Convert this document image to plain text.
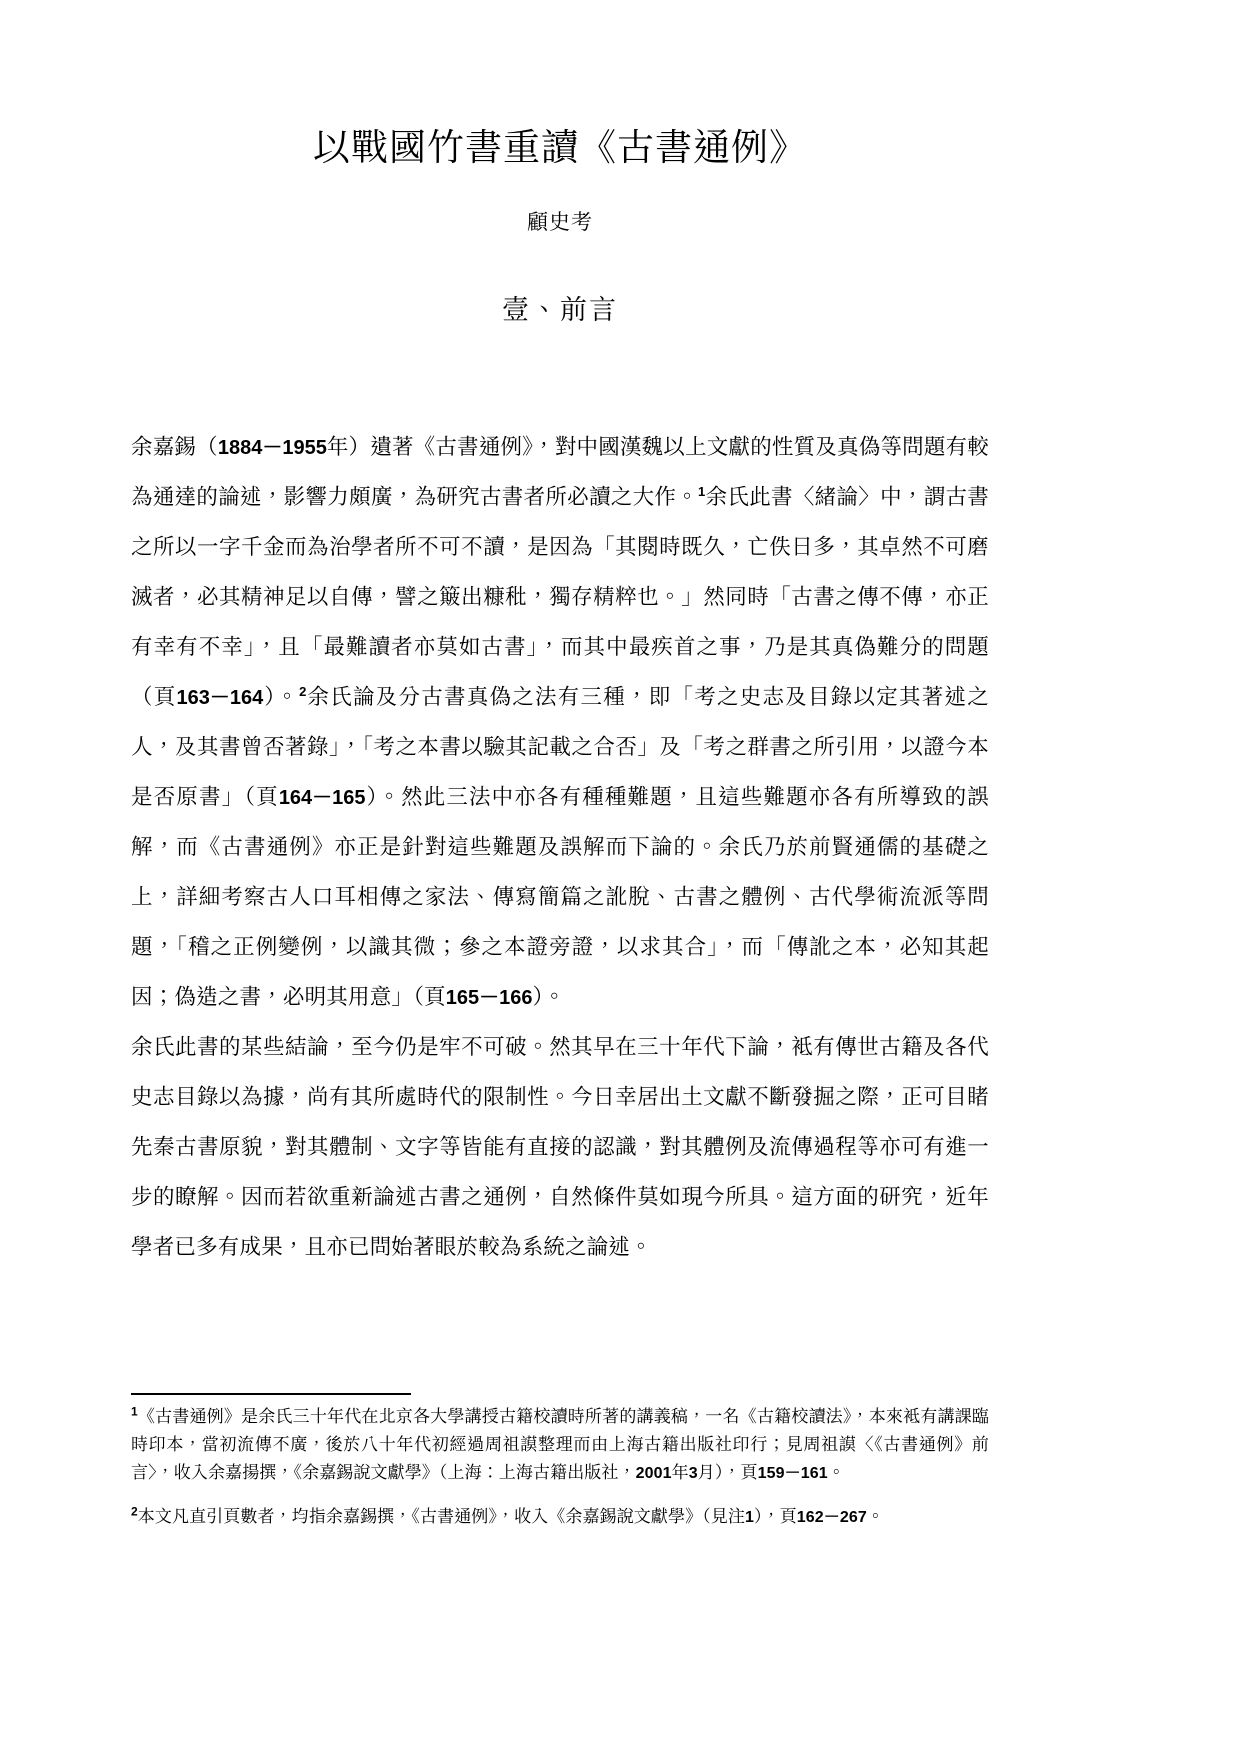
以戰國竹書重讀《古書通例》

顧史考

壹、前言

余嘉錫（1884－1955年）遺著《古書通例》，對中國漢魏以上文獻的性質及真偽等問題有較為通達的論述，影響力頗廣，為研究古書者所必讀之大作。$^1$余氏此書〈緒論〉中，謂古書之所以一字千金而為治學者所不可不讀，是因為「其閱時既久，亡佚日多，其卓然不可磨滅者，必其精神足以自傳，譬之簸出糠秕，獨存精粹也。」然同時「古書之傳不傳，亦正有幸有不幸」，且「最難讀者亦莫如古書」，而其中最疾首之事，乃是其真偽難分的問題（頁163－164）。$^2$余氏論及分古書真偽之法有三種，即「考之史志及目錄以定其著述之人，及其書曾否著錄」，「考之本書以驗其記載之合否」及「考之群書之所引用，以證今本是否原書」（頁164－165）。然此三法中亦各有種種難題，且這些難題亦各有所導致的誤解，而《古書通例》亦正是針對這些難題及誤解而下論的。余氏乃於前賢通儒的基礎之上，詳細考察古人口耳相傳之家法、傳寫簡篇之訛脫、古書之體例、古代學術流派等問題，「稽之正例變例，以識其微；參之本證旁證，以求其合」，而「傳訛之本，必知其起因；偽造之書，必明其用意」（頁165－166）。

余氏此書的某些結論，至今仍是牢不可破。然其早在三十年代下論，袛有傳世古籍及各代史志目錄以為據，尚有其所處時代的限制性。今日幸居出土文獻不斷發掘之際，正可目睹先秦古書原貌，對其體制、文字等皆能有直接的認識，對其體例及流傳過程等亦可有進一步的瞭解。因而若欲重新論述古書之通例，自然條件莫如現今所具。這方面的研究，近年學者已多有成果，且亦已問始著眼於較為系統之論述。

$^1$《古書通例》是余氏三十年代在北京各大學講授古籍校讀時所著的講義稿，一名《古籍校讀法》，本來袛有講課臨時印本，當初流傳不廣，後於八十年代初經過周祖謨整理而由上海古籍出版社印行；見周祖謨〈《古書通例》前言〉，收入余嘉揚撰，《余嘉錫說文獻學》（上海：上海古籍出版社，2001年3月），頁159－161。

$^2$本文凡直引頁數者，均指余嘉錫撰，《古書通例》，收入《余嘉錫說文獻學》（見注1），頁162－267。
